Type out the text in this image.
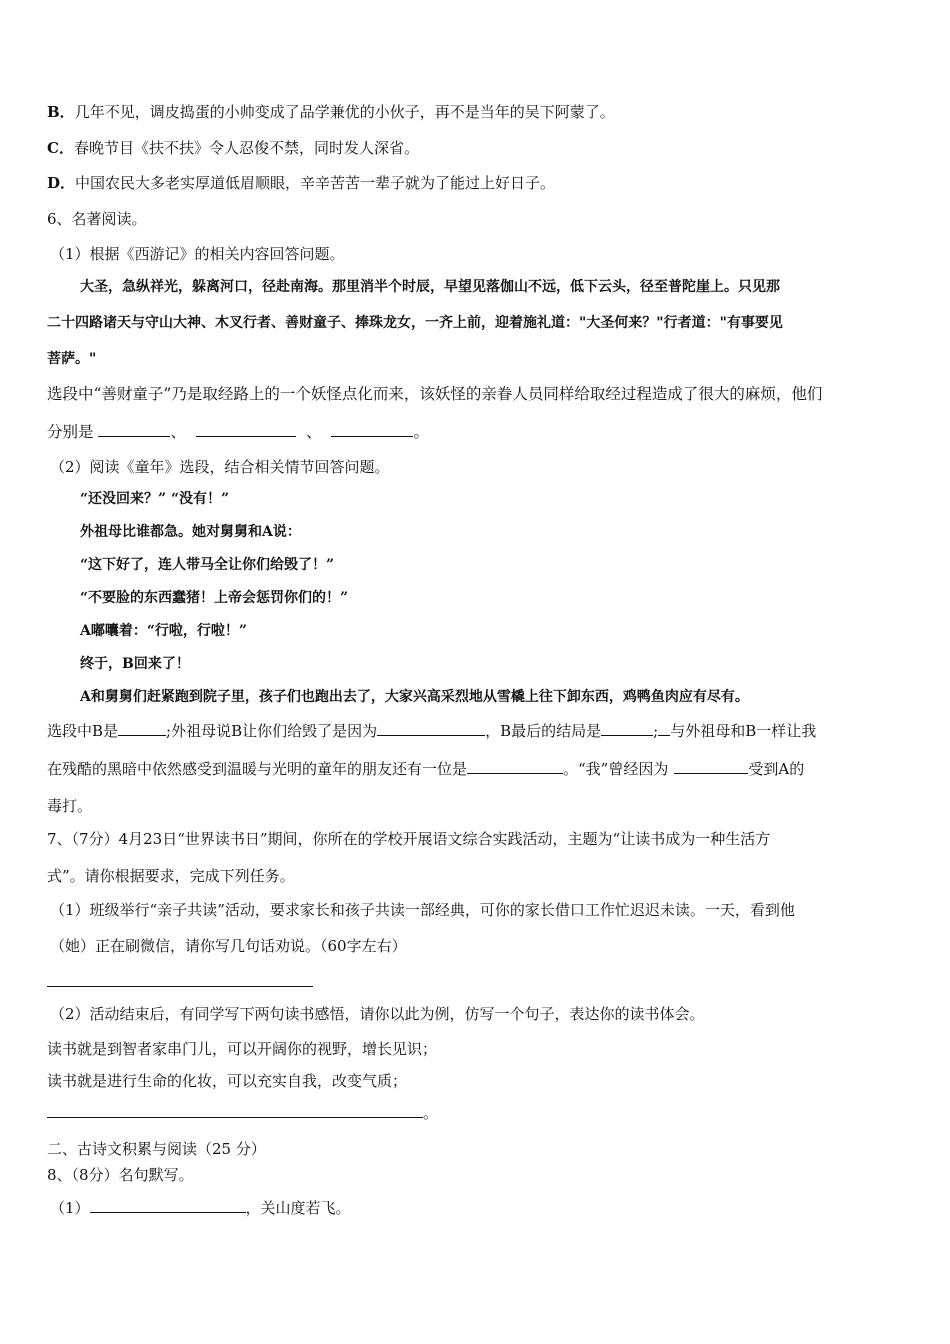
B．几年不见，调皮捣蛋的小帅变成了品学兼优的小伙子，再不是当年的吴下阿蒙了。
C．春晚节目《扶不扶》令人忍俊不禁，同时发人深省。
D．中国农民大多老实厚道低眉顺眼，辛辛苦苦一辈子就为了能过上好日子。
6、名著阅读。
（1）根据《西游记》的相关内容回答问题。
大圣，急纵祥光，躲离河口，径赴南海。那里消半个时辰，早望见落伽山不远，低下云头，径至普陀崖上。只见那
二十四路诸天与守山大神、木叉行者、善财童子、捧珠龙女，一齐上前，迎着施礼道："大圣何来？"行者道："有事要见
菩萨。"
选段中“善财童子”乃是取经路上的一个妖怪点化而来，该妖怪的亲眷人员同样给取经过程造成了很大的麻烦，他们
分别是	、	、	。
（2）阅读《童年》选段，结合相关情节回答问题。
“还没回来？” “没有！”
外祖母比谁都急。她对舅舅和A说：
“这下好了，连人带马全让你们给毁了！”
“不要脸的东西蠢猪！上帝会惩罚你们的！”
A嘟囔着：“行啦，行啦！”
终于，B回来了！
A和舅舅们赶紧跑到院子里，孩子们也跑出去了，大家兴高采烈地从雪橇上往下卸东西，鸡鸭鱼肉应有尽有。
选段中B是	;外祖母说B让你们给毁了是因为	，B最后的结局是	; 与外祖母和B一样让我
在残酷的黑暗中依然感受到温暖与光明的童年的朋友还有一位是	。“我”曾经因为	受到A的
毒打。
7、（7分）4月23日“世界读书日”期间，你所在的学校开展语文综合实践活动，主题为“让读书成为一种生活方
式”。请你根据要求，完成下列任务。
（1）班级举行“亲子共读”活动，要求家长和孩子共读一部经典，可你的家长借口工作忙迟迟未读。一天，看到他
（她）正在刷微信，请你写几句话劝说。（60字左右）
（2）活动结束后，有同学写下两句读书感悟，请你以此为例，仿写一个句子，表达你的读书体会。
读书就是到智者家串门儿，可以开阔你的视野，增长见识；
读书就是进行生命的化妆，可以充实自我，改变气质；
。
二、古诗文积累与阅读（25 分）
8、（8分）名句默写。
（1）	，关山度若飞。
